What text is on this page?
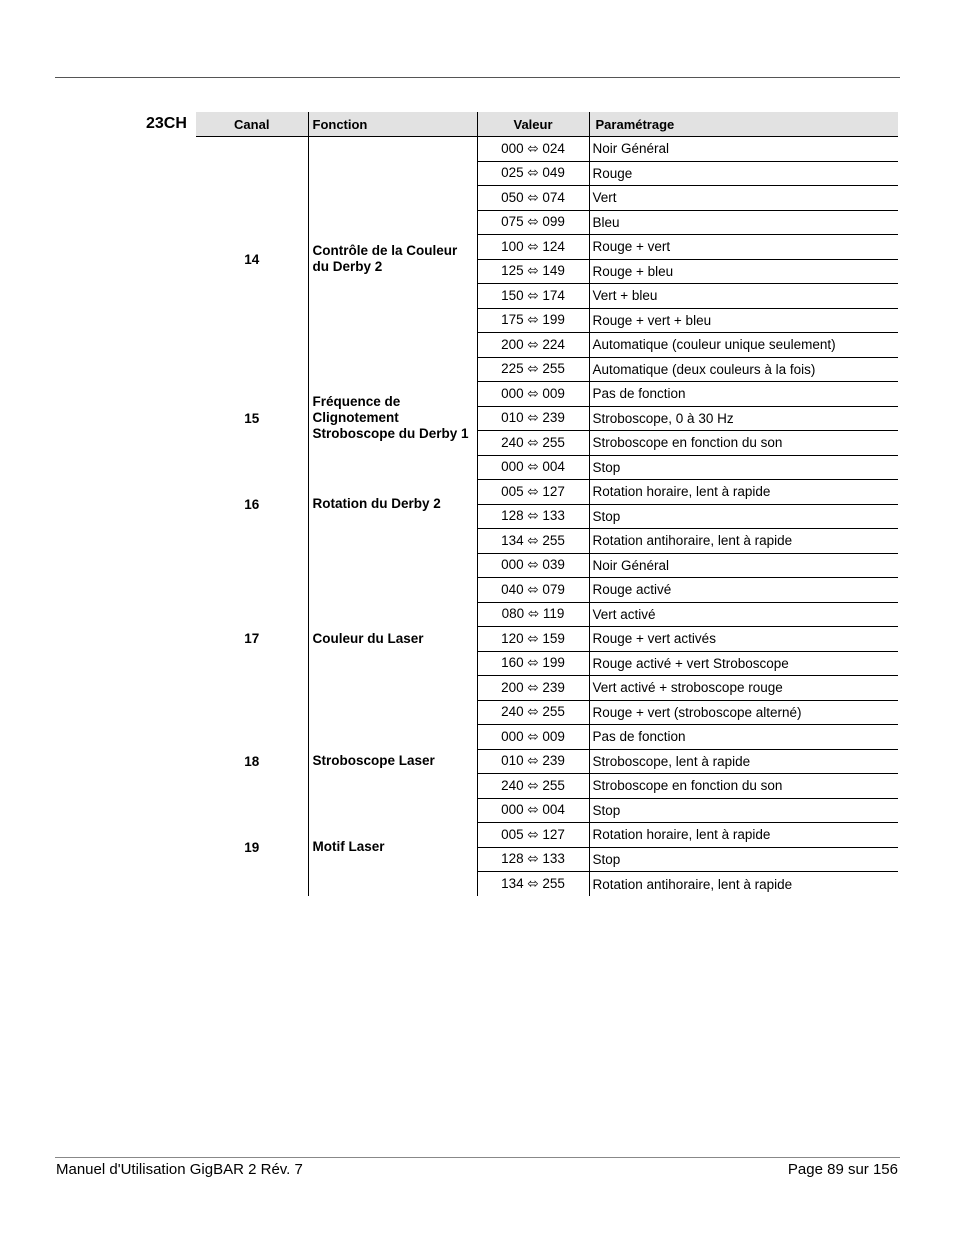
23CH	Canal	Fonction	Valeur	Paramétrage
14	Contrôle de la Couleur du Derby 2	000 ⬄ 024	Noir Général
		025 ⬄ 049	Rouge
		050 ⬄ 074	Vert
		075 ⬄ 099	Bleu
		100 ⬄ 124	Rouge + vert
		125 ⬄ 149	Rouge + bleu
		150 ⬄ 174	Vert + bleu
		175 ⬄ 199	Rouge + vert + bleu
		200 ⬄ 224	Automatique (couleur unique seulement)
		225 ⬄ 255	Automatique (deux couleurs à la fois)
15	Fréquence de Clignotement Stroboscope du Derby 1	000 ⬄ 009	Pas de fonction
		010 ⬄ 239	Stroboscope, 0 à 30 Hz
		240 ⬄ 255	Stroboscope en fonction du son
16	Rotation du Derby 2	000 ⬄ 004	Stop
		005 ⬄ 127	Rotation horaire, lent à rapide
		128 ⬄ 133	Stop
		134 ⬄ 255	Rotation antihoraire, lent à rapide
17	Couleur du Laser	000 ⬄ 039	Noir Général
		040 ⬄ 079	Rouge activé
		080 ⬄ 119	Vert activé
		120 ⬄ 159	Rouge + vert activés
		160 ⬄ 199	Rouge activé + vert Stroboscope
		200 ⬄ 239	Vert activé + stroboscope rouge
		240 ⬄ 255	Rouge + vert (stroboscope alterné)
18	Stroboscope Laser	000 ⬄ 009	Pas de fonction
		010 ⬄ 239	Stroboscope, lent à rapide
		240 ⬄ 255	Stroboscope en fonction du son
19	Motif Laser	000 ⬄ 004	Stop
		005 ⬄ 127	Rotation horaire, lent à rapide
		128 ⬄ 133	Stop
		134 ⬄ 255	Rotation antihoraire, lent à rapide
Manuel d'Utilisation GigBAR 2 Rév. 7	Page 89 sur 156
